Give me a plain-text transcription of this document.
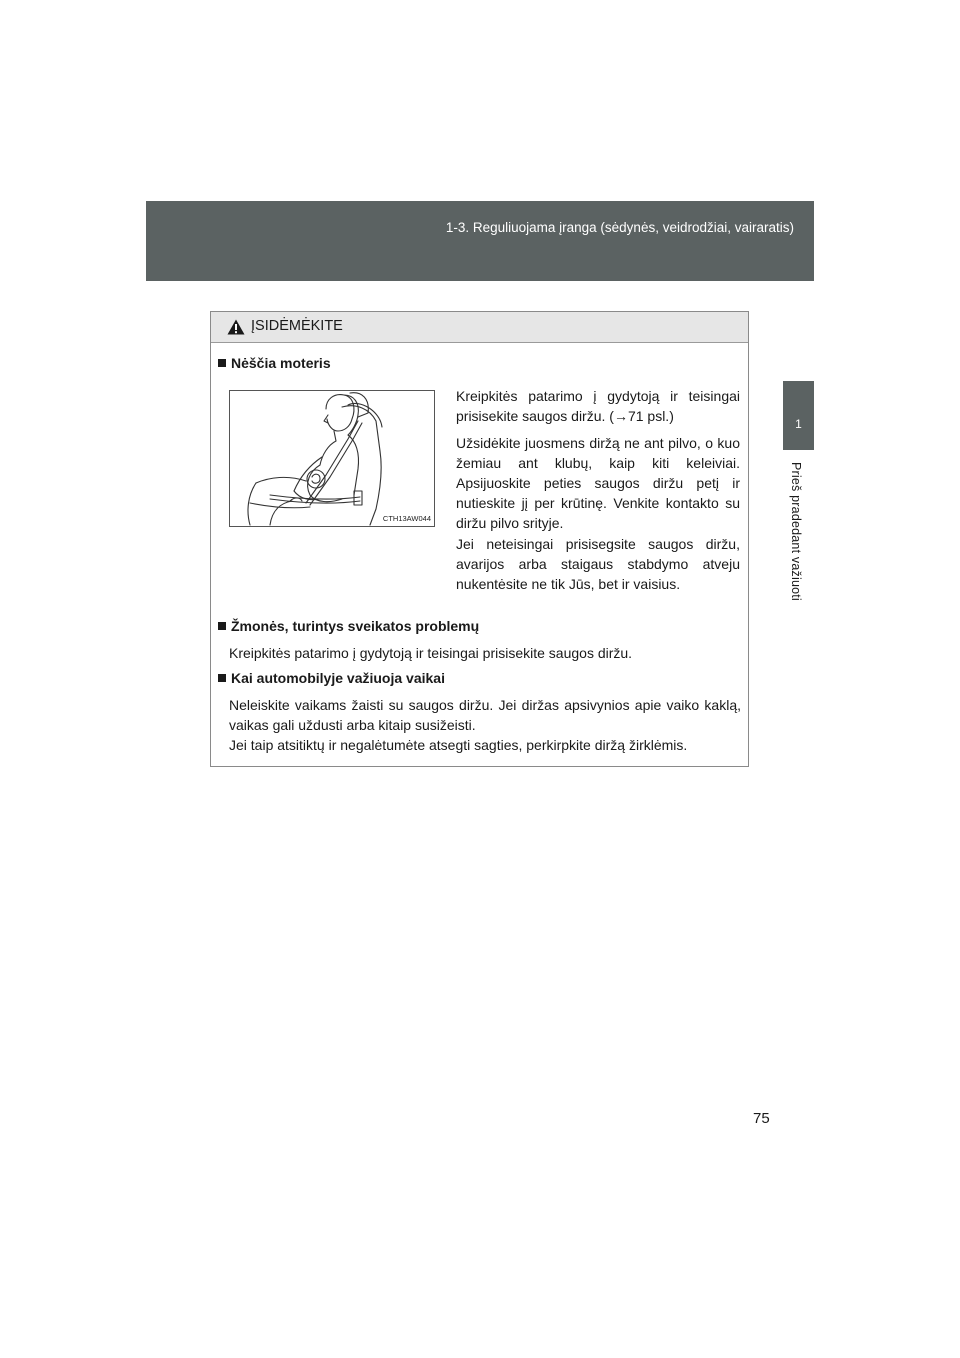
1-3. Reguliuojama įranga (sėdynės, veidrodžiai, vairaratis)
1
Prieš pradedant važiuoti
75
ĮSIDĖMĖKITE
Nėščia moteris
CTH13AW044
Kreipkitės patarimo į gydytoją ir teisingai prisisekite saugos diržu. (→71 psl.)
Užsidėkite juosmens diržą ne ant pilvo, o kuo žemiau ant klubų, kaip kiti keleiviai. Apsijuoskite peties saugos diržu petį ir nutieskite jį per krūtinę. Venkite kontakto su diržu pilvo srityje.
Jei neteisingai prisisegsite saugos diržu, avarijos arba staigaus stabdymo atveju nukentėsite ne tik Jūs, bet ir vaisius.
Žmonės, turintys sveikatos problemų
Kreipkitės patarimo į gydytoją ir teisingai prisisekite saugos diržu.
Kai automobilyje važiuoja vaikai
Neleiskite vaikams žaisti su saugos diržu. Jei diržas apsivynios apie vaiko kaklą, vaikas gali uždusti arba kitaip susižeisti.
Jei taip atsitiktų ir negalėtumėte atsegti sagties, perkirpkite diržą žirklėmis.
